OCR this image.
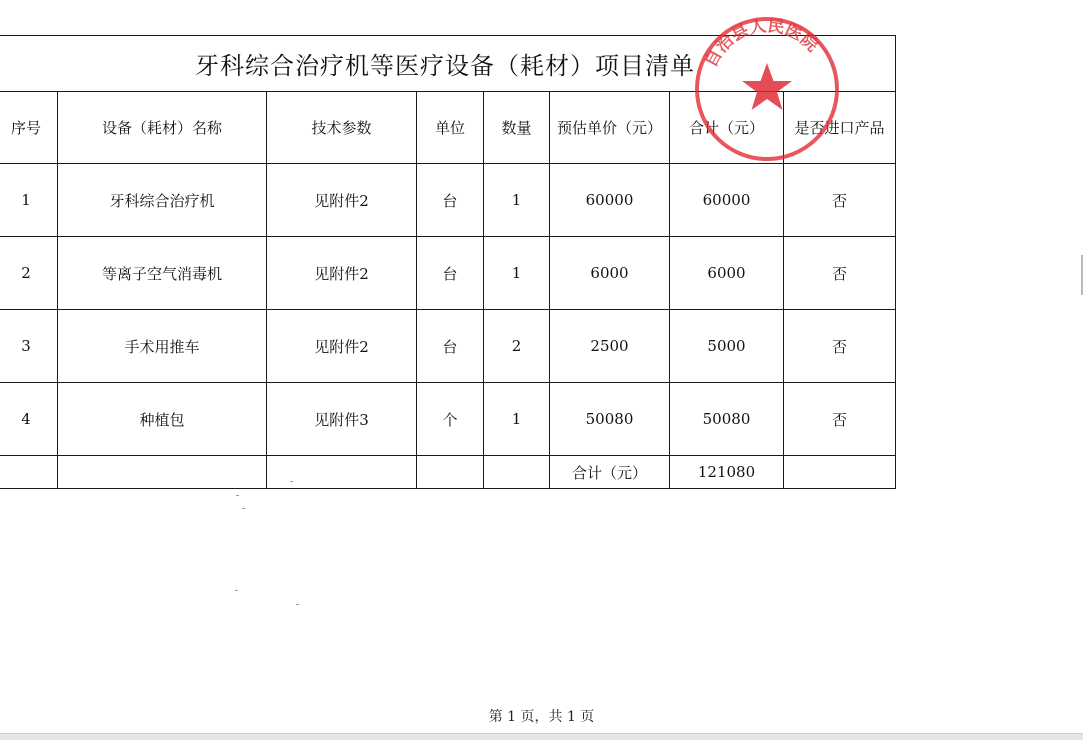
牙科综合治疗机等医疗设备（耗材）项目清单							
序号	设备（耗材）名称	技术参数	单位	数量	预估单价（元）	合计（元）	是否进口产品
1	牙科综合治疗机	见附件2	台	1	60000	60000	否
2	等离子空气消毒机	见附件2	台	1	6000	6000	否
3	手术用推车	见附件2	台	2	2500	5000	否
4	种植包	见附件3	个	1	50080	50080	否
					合计（元）	121080	
自治县人民医院
第 1 页，共 1 页
